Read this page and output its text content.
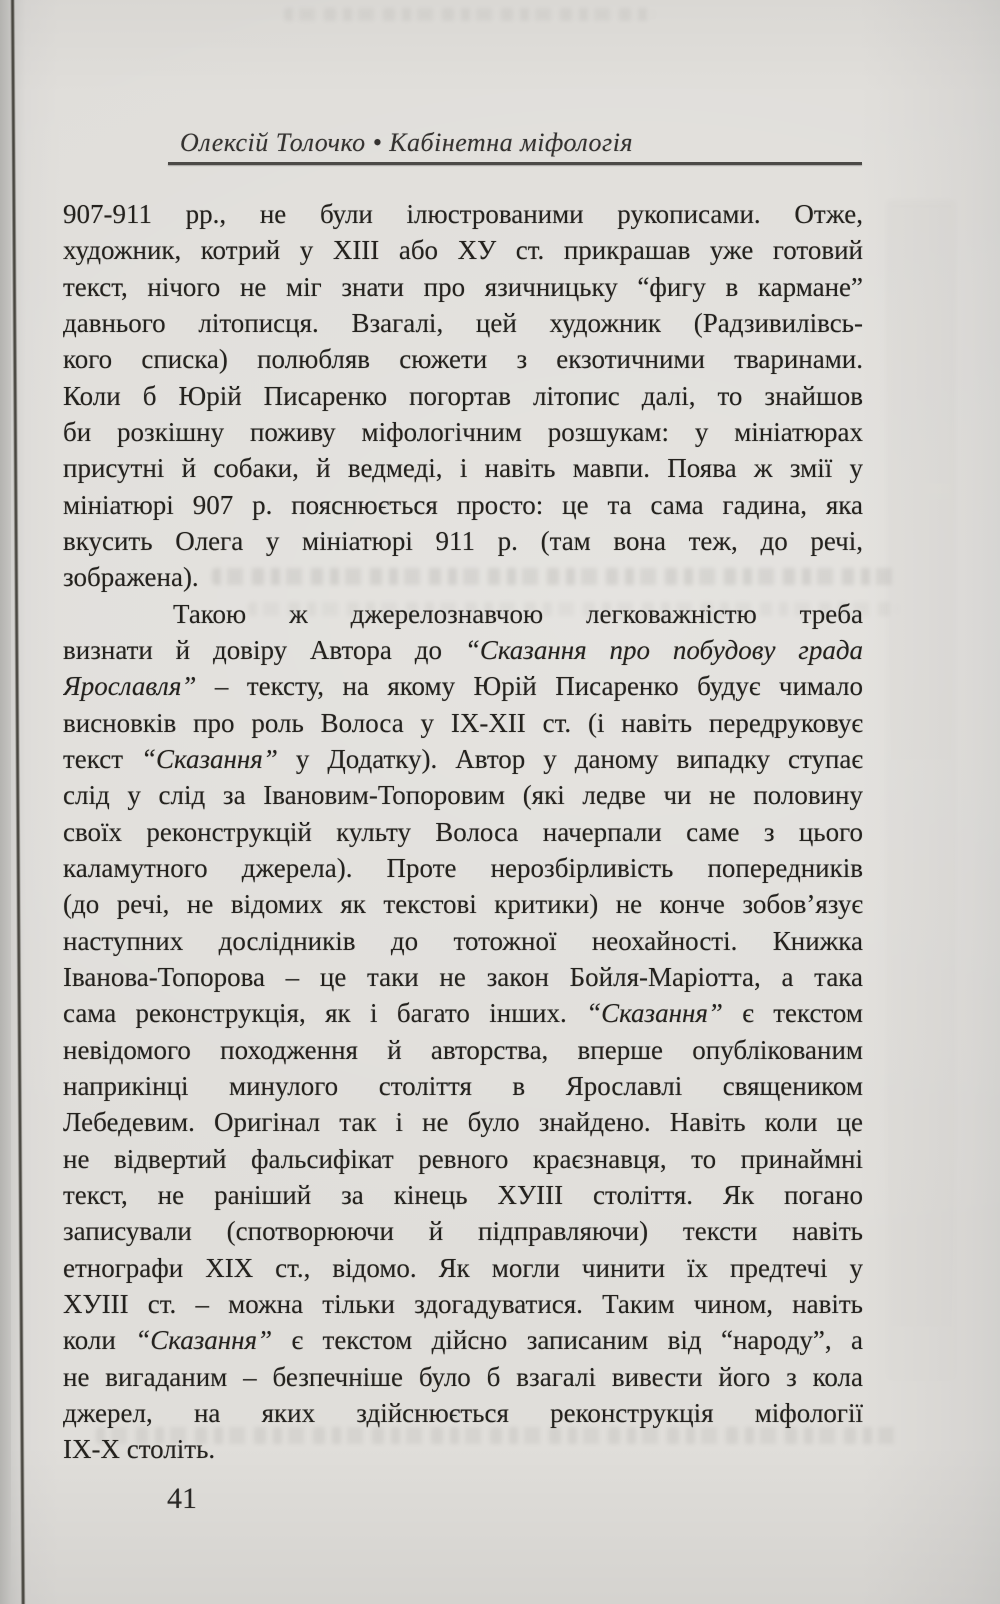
Олексій Толочко • Кабінетна міфологія
907-911 рр., не були ілюстрованими рукописами. Отже,
художник, котрий у XIII або ХУ ст. прикрашав уже готовий
текст, нічого не міг знати про язичницьку “фигу в кармане”
давнього літописця. Взагалі, цей художник (Радзивилівсь-
кого списка) полюбляв сюжети з екзотичними тваринами.
Коли б Юрій Писаренко погортав літопис далі, то знайшов
би розкішну поживу міфологічним розшукам: у мініатюрах
присутні й собаки, й ведмеді, і навіть мавпи. Поява ж змії у
мініатюрі 907 р. пояснюється просто: це та сама гадина, яка
вкусить Олега у мініатюрі 911 р. (там вона теж, до речі,
зображена).
Такою ж джерелознавчою легковажністю треба
визнати й довіру Автора до “Сказання про побудову града
Ярославля” – тексту, на якому Юрій Писаренко будує чимало
висновків про роль Волоса у IX-XII ст. (і навіть передруковує
текст “Сказання” у Додатку). Автор у даному випадку ступає
слід у слід за Івановим-Топоровим (які ледве чи не половину
своїх реконструкцій культу Волоса начерпали саме з цього
каламутного джерела). Проте нерозбірливість попередників
(до речі, не відомих як текстові критики) не конче зобов’язує
наступних дослідників до тотожної неохайності. Книжка
Іванова-Топорова – це таки не закон Бойля-Маріотта, а така
сама реконструкція, як і багато інших. “Сказання” є текстом
невідомого походження й авторства, вперше опублікованим
наприкінці минулого століття в Ярославлі священиком
Лебедевим. Оригінал так і не було знайдено. Навіть коли це
не відвертий фальсифікат ревного краєзнавця, то принаймні
текст, не раніший за кінець ХУІІІ століття. Як погано
записували (спотворюючи й підправляючи) тексти навіть
етнографи XIX ст., відомо. Як могли чинити їх предтечі у
ХУІІІ ст. – можна тільки здогадуватися. Таким чином, навіть
коли “Сказання” є текстом дійсно записаним від “народу”, а
не вигаданим – безпечніше було б взагалі вивести його з кола
джерел, на яких здійснюється реконструкція міфології
ІХ-Х століть.
41
